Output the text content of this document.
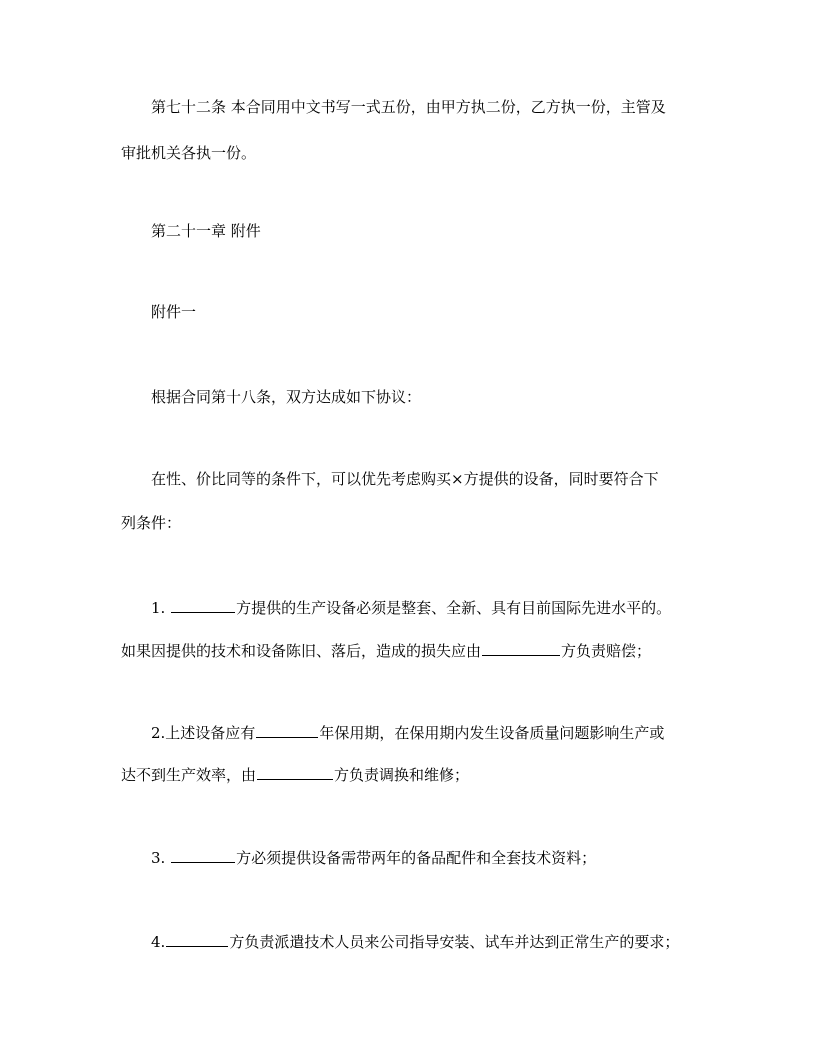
第七十二条 本合同用中文书写一式五份，由甲方执二份，乙方执一份，主管及
审批机关各执一份。
第二十一章 附件
附件一
根据合同第十八条，双方达成如下协议：
在性、价比同等的条件下，可以优先考虑购买×方提供的设备，同时要符合下
列条件：
1.	方提供的生产设备必须是整套、全新、具有目前国际先进水平的。
如果因提供的技术和设备陈旧、落后，造成的损失应由	方负责赔偿；
2.上述设备应有	年保用期，在保用期内发生设备质量问题影响生产或
达不到生产效率，由	方负责调换和维修；
3.	方必须提供设备需带两年的备品配件和全套技术资料；
4.	方负责派遣技术人员来公司指导安装、试车并达到正常生产的要求；
